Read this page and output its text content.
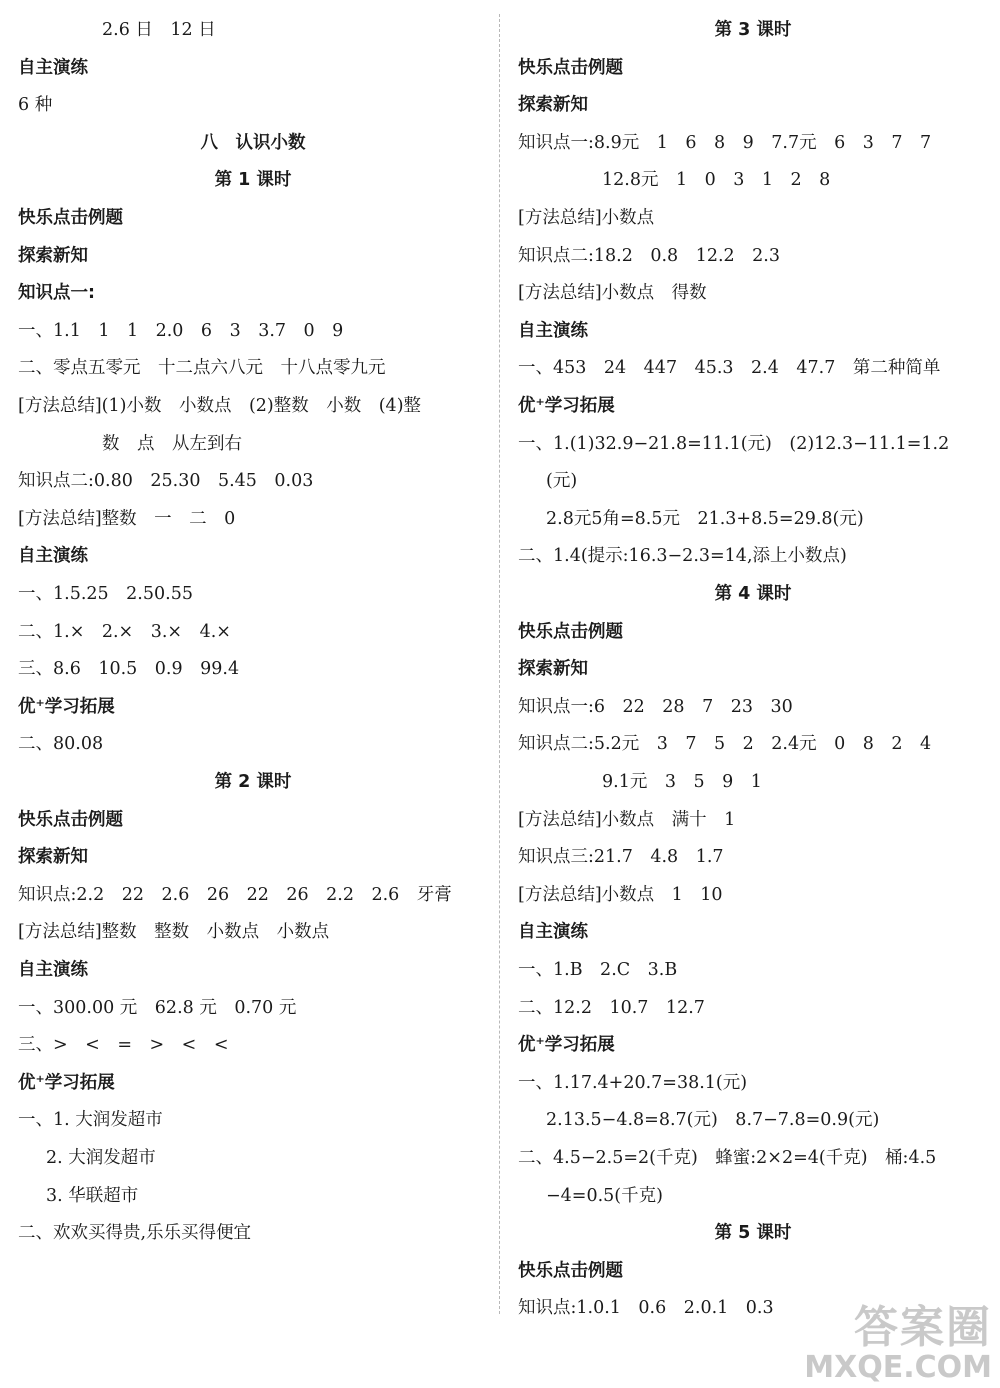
2.6 日　12 日
自主演练
6 种
八　认识小数
第 1 课时
快乐点击例题
探索新知
知识点一:
一、1.1　1　1　2.0　6　3　3.7　0　9
二、零点五零元　十二点六八元　十八点零九元
[方法总结](1)小数　小数点　(2)整数　小数　(4)整
数　点　从左到右
知识点二:0.80　25.30　5.45　0.03
[方法总结]整数　一　二　0
自主演练
一、1.5.25　2.50.55
二、1.×　2.×　3.×　4.×
三、8.6　10.5　0.9　99.4
优⁺学习拓展
二、80.08
第 2 课时
快乐点击例题
探索新知
知识点:2.2　22　2.6　26　22　26　2.2　2.6　牙膏
[方法总结]整数　整数　小数点　小数点
自主演练
一、300.00 元　62.8 元　0.70 元
三、>　<　=　>　<　<
优⁺学习拓展
一、1. 大润发超市
2. 大润发超市
3. 华联超市
二、欢欢买得贵,乐乐买得便宜
第 3 课时
快乐点击例题
探索新知
知识点一:8.9元　1　6　8　9　7.7元　6　3　7　7
12.8元　1　0　3　1　2　8
[方法总结]小数点
知识点二:18.2　0.8　12.2　2.3
[方法总结]小数点　得数
自主演练
一、453　24　447　45.3　2.4　47.7　第二种简单
优⁺学习拓展
一、1.(1)32.9−21.8=11.1(元)　(2)12.3−11.1=1.2
(元)
2.8元5角=8.5元　21.3+8.5=29.8(元)
二、1.4(提示:16.3−2.3=14,添上小数点)
第 4 课时
快乐点击例题
探索新知
知识点一:6　22　28　7　23　30
知识点二:5.2元　3　7　5　2　2.4元　0　8　2　4
9.1元　3　5　9　1
[方法总结]小数点　满十　1
知识点三:21.7　4.8　1.7
[方法总结]小数点　1　10
自主演练
一、1.B　2.C　3.B
二、12.2　10.7　12.7
优⁺学习拓展
一、1.17.4+20.7=38.1(元)
2.13.5−4.8=8.7(元)　8.7−7.8=0.9(元)
二、4.5−2.5=2(千克)　蜂蜜:2×2=4(千克)　桶:4.5
−4=0.5(千克)
第 5 课时
快乐点击例题
知识点:1.0.1　0.6　2.0.1　0.3	答案圈
MXQE.COM
